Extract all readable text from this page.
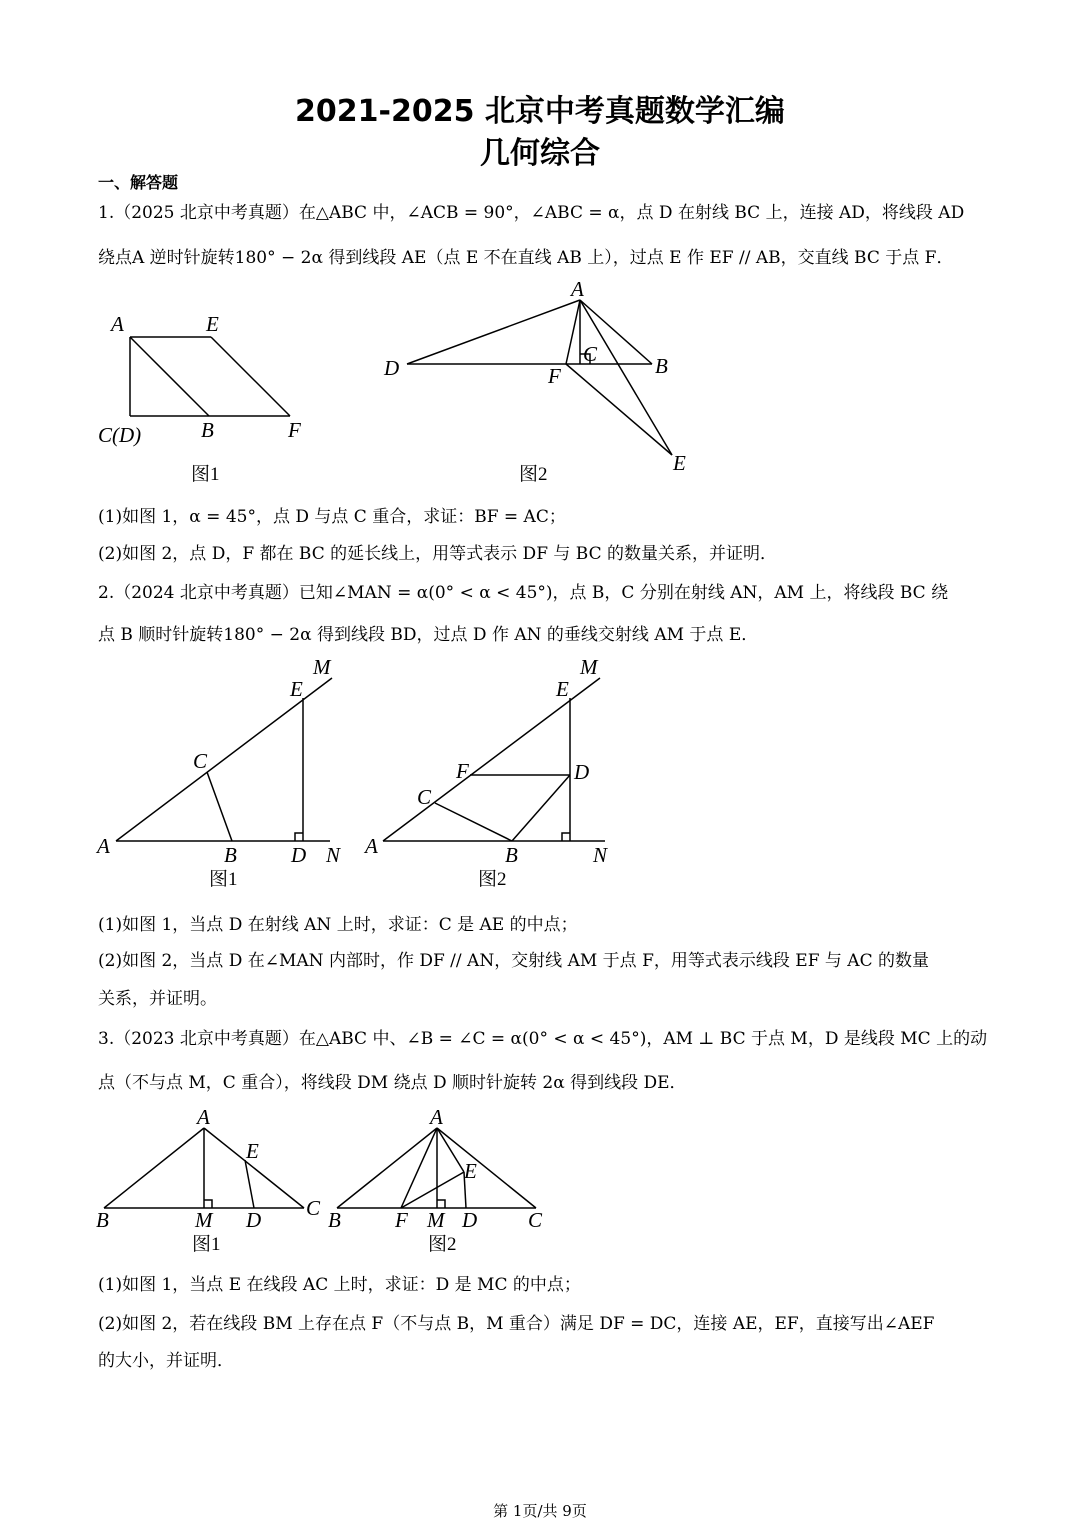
2021-2025 北京中考真题数学汇编
几何综合
一、解答题
1.（2025 北京中考真题）在△ABC 中，∠ACB = 90°，∠ABC = α，点 D 在射线 BC 上，连接 AD，将线段 AD
绕点A 逆时针旋转180° − 2α 得到线段 AE（点 E 不在直线 AB 上），过点 E 作 EF // AB，交直线 BC 于点 F．
(1)如图 1，α = 45°，点 D 与点 C 重合，求证：BF = AC；
(2)如图 2，点 D，F 都在 BC 的延长线上，用等式表示 DF 与 BC 的数量关系，并证明．
2.（2024 北京中考真题）已知∠MAN = α(0° < α < 45°)，点 B，C 分别在射线 AN，AM 上，将线段 BC 绕
点 B 顺时针旋转180° − 2α 得到线段 BD，过点 D 作 AN 的垂线交射线 AM 于点 E．
(1)如图 1，当点 D 在射线 AN 上时，求证：C 是 AE 的中点；
(2)如图 2，当点 D 在∠MAN 内部时，作 DF // AN，交射线 AM 于点 F，用等式表示线段 EF 与 AC 的数量
关系，并证明。
3.（2023 北京中考真题）在△ABC 中、∠B = ∠C = α(0° < α < 45°)，AM ⊥ BC 于点 M，D 是线段 MC 上的动
点（不与点 M，C 重合），将线段 DM 绕点 D 顺时针旋转 2α 得到线段 DE．
(1)如图 1，当点 E 在线段 AC 上时，求证：D 是 MC 的中点；
(2)如图 2，若在线段 BM 上存在点 F（不与点 B，M 重合）满足 DF = DC，连接 AE，EF，直接写出∠AEF
的大小，并证明．
第 1页/共 9页
A	E
C(D)	B	F
图1
A
C
D	F	B
E
图2
M
E
C
A	B	D N
图1
M
E
F	D
C
A	B	N
图2
A
E
B	M D C
图1
A
E
B	F M D C
图2
